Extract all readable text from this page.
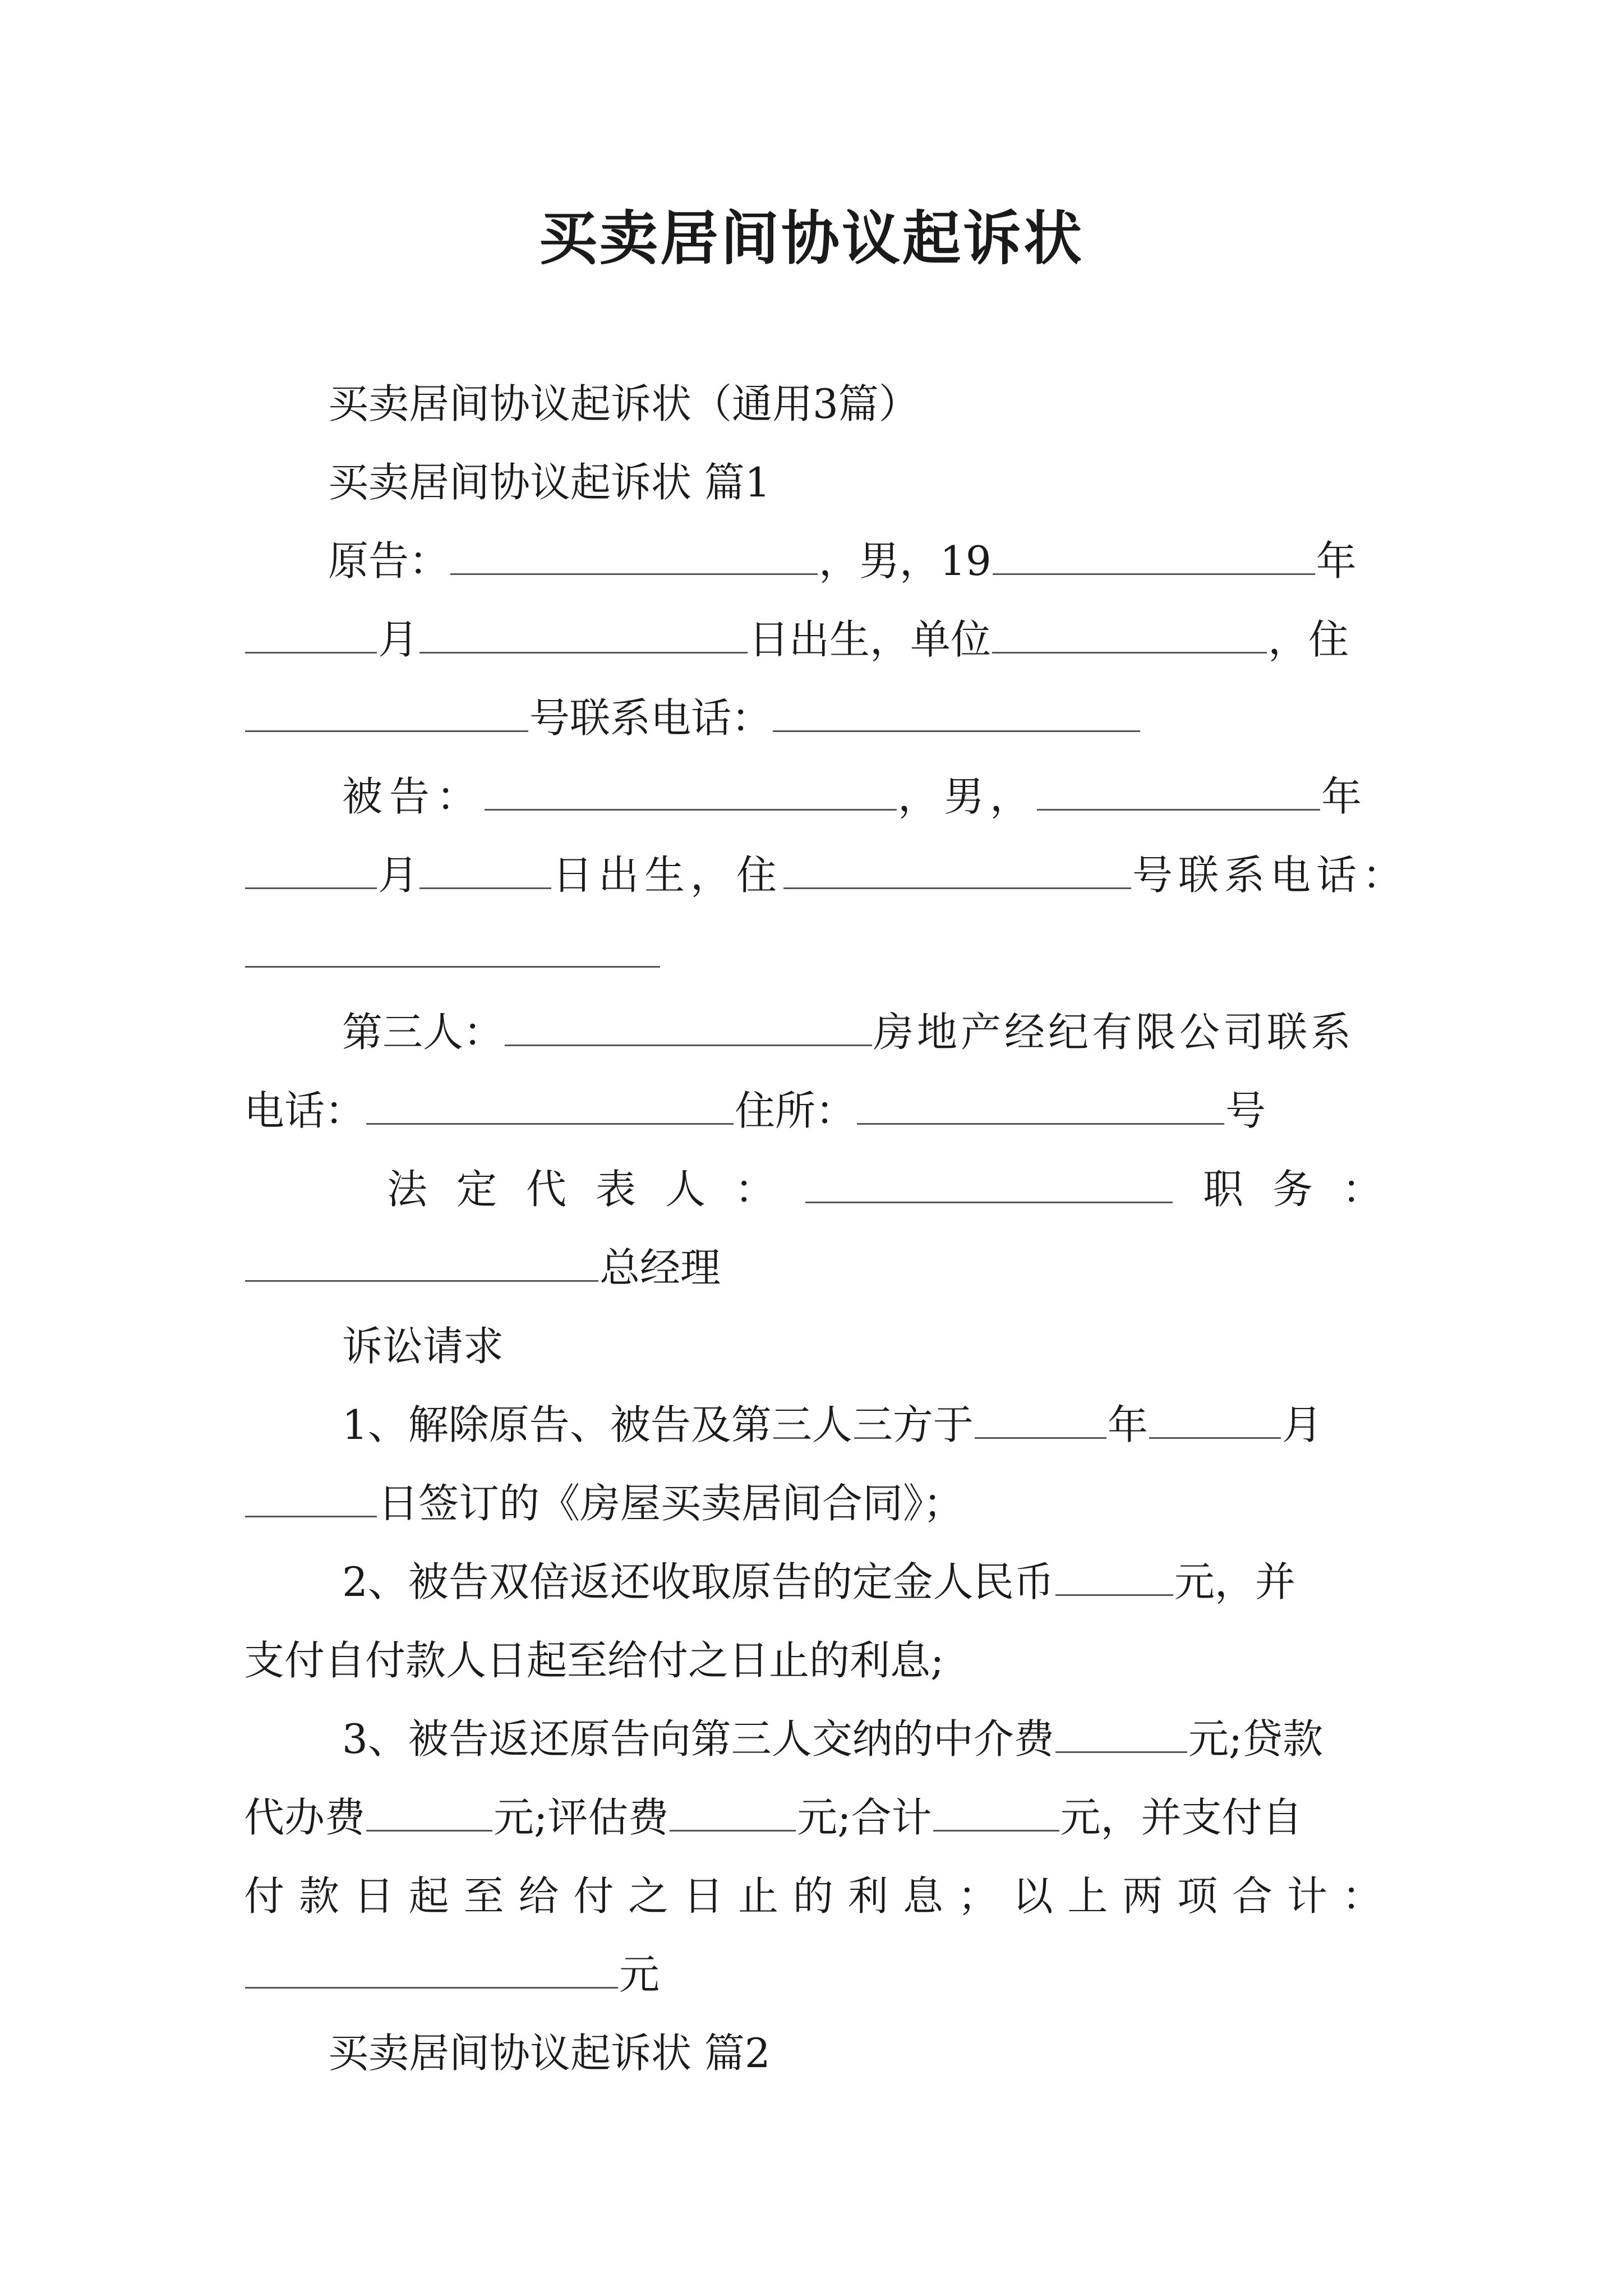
买卖居间协议起诉状
买卖居间协议起诉状（通用3篇）
买卖居间协议起诉状 篇1
原告：	，男，19	年
月	日出生，单位	，住
号联系电话：
被告：	，男，	年
月	日出生，住	号联系电话：
第三人：	房地产经纪有限公司联系
电话：	住所：	号
法 定 代 表 人 ：	职 务 ：
总经理
诉讼请求
1、解除原告、被告及第三人三方于	年	月
日签订的《房屋买卖居间合同》；
2、被告双倍返还收取原告的定金人民币	元，并
支付自付款人日起至给付之日止的利息;
3、被告返还原告向第三人交纳的中介费	元;贷款
代办费	元;评估费	元;合计	元，并支付自
付 款 日 起 至 给 付 之 日 止 的 利 息 ； 以 上 两 项 合 计 ：
元
买卖居间协议起诉状 篇2
